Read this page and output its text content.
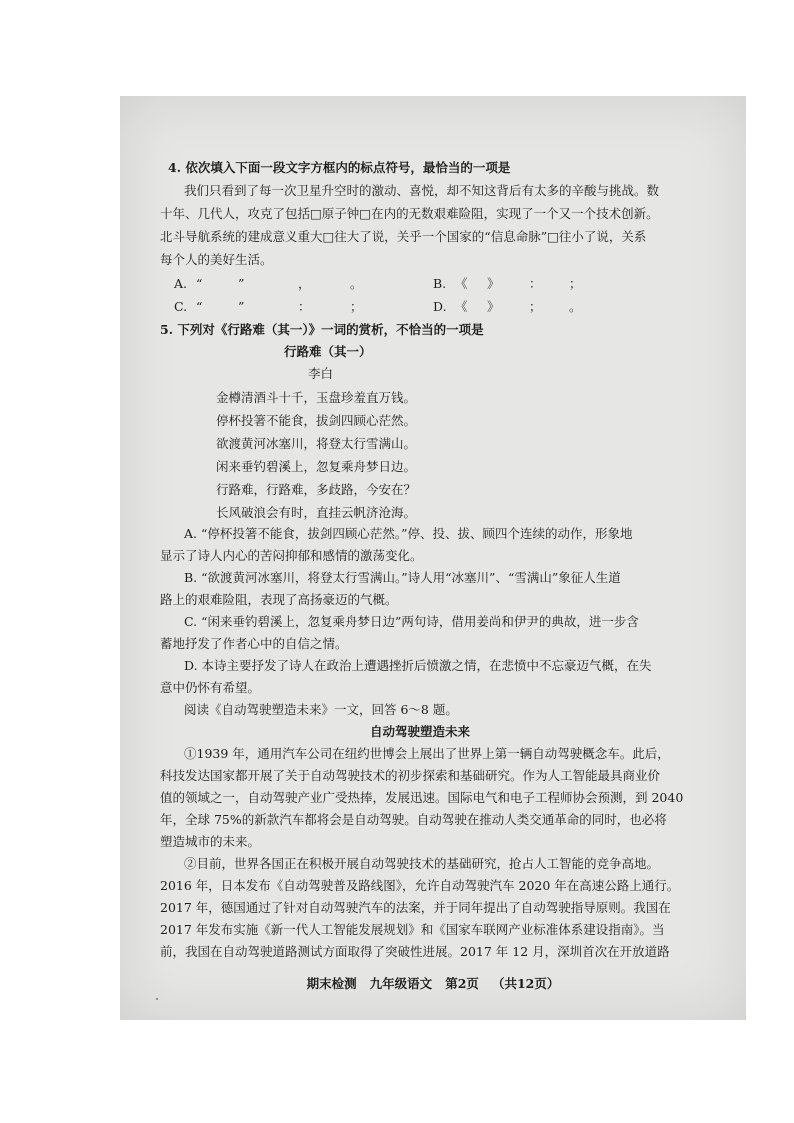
4. 依次填入下面一段文字方框内的标点符号，最恰当的一项是
我们只看到了每一次卫星升空时的激动、喜悦，却不知这背后有太多的辛酸与挑战。数
十年、几代人，攻克了包括□原子钟□在内的无数艰难险阻，实现了一个又一个技术创新。
北斗导航系统的建成意义重大□往大了说，关乎一个国家的“信息命脉”□往小了说，关系
每个人的美好生活。
A. “	”	，	。	B. 《 》 ： ；
C. “	”	：	；	D. 《 》 ； 。
5. 下列对《行路难（其一）》一词的赏析，不恰当的一项是
行路难（其一）
李白
金樽清酒斗十千，玉盘珍羞直万钱。
停杯投箸不能食，拔剑四顾心茫然。
欲渡黄河冰塞川，将登太行雪满山。
闲来垂钓碧溪上，忽复乘舟梦日边。
行路难，行路难，多歧路，今安在？
长风破浪会有时，直挂云帆济沧海。
A. “停杯投箸不能食，拔剑四顾心茫然。”停、投、拔、顾四个连续的动作，形象地
显示了诗人内心的苦闷抑郁和感情的激荡变化。
B. “欲渡黄河冰塞川，将登太行雪满山。”诗人用“冰塞川”、“雪满山”象征人生道
路上的艰难险阻，表现了高扬豪迈的气概。
C. “闲来垂钓碧溪上，忽复乘舟梦日边”两句诗，借用姜尚和伊尹的典故，进一步含
蓄地抒发了作者心中的自信之情。
D. 本诗主要抒发了诗人在政治上遭遇挫折后愤激之情，在悲愤中不忘豪迈气概，在失
意中仍怀有希望。
阅读《自动驾驶塑造未来》一文，回答 6～8 题。
自动驾驶塑造未来
①1939 年，通用汽车公司在纽约世博会上展出了世界上第一辆自动驾驶概念车。此后，
科技发达国家都开展了关于自动驾驶技术的初步探索和基础研究。作为人工智能最具商业价
值的领域之一，自动驾驶产业广受热捧，发展迅速。国际电气和电子工程师协会预测，到 2040
年，全球 75%的新款汽车都将会是自动驾驶。自动驾驶在推动人类交通革命的同时，也必将
塑造城市的未来。
②目前，世界各国正在积极开展自动驾驶技术的基础研究，抢占人工智能的竞争高地。
2016 年，日本发布《自动驾驶普及路线图》，允许自动驾驶汽车 2020 年在高速公路上通行。
2017 年，德国通过了针对自动驾驶汽车的法案，并于同年提出了自动驾驶指导原则。我国在
2017 年发布实施《新一代人工智能发展规划》和《国家车联网产业标准体系建设指南》。当
前，我国在自动驾驶道路测试方面取得了突破性进展。2017 年 12 月，深圳首次在开放道路
期末检测   九年级语文   第2页   （共12页）
